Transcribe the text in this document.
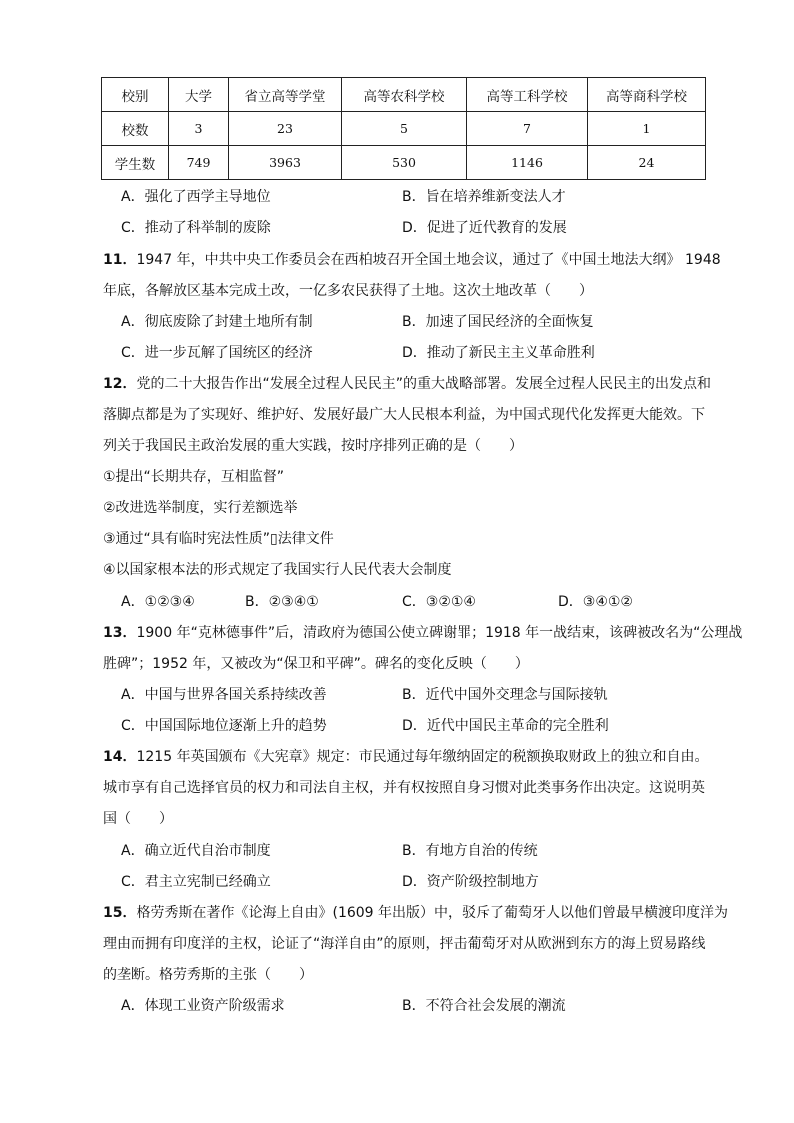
校别	大学	省立高等学堂	高等农科学校	高等工科学校	高等商科学校
校数	3	23	5	7	1
学生数	749	3963	530	1146	24
A．强化了西学主导地位	B．旨在培养维新变法人才
C．推动了科举制的废除	D．促进了近代教育的发展
11．1947 年，中共中央工作委员会在西柏坡召开全国土地会议，通过了《中国土地法大纲》 1948
年底，各解放区基本完成土改，一亿多农民获得了土地。这次土地改革（　　）
A．彻底废除了封建土地所有制	B．加速了国民经济的全面恢复
C．进一步瓦解了国统区的经济	D．推动了新民主主义革命胜利
12．党的二十大报告作出“发展全过程人民民主”的重大战略部署。发展全过程人民民主的出发点和
落脚点都是为了实现好、维护好、发展好最广大人民根本利益，为中国式现代化发挥更大能效。下
列关于我国民主政治发展的重大实践，按时序排列正确的是（　　）
①提出“长期共存，互相监督”
②改进选举制度，实行差额选举
③通过“具有临时宪法性质”▯法律文件
④以国家根本法的形式规定了我国实行人民代表大会制度
A．①②③④	B．②③④①	C．③②①④	D．③④①②
13．1900 年“克林德事件”后，清政府为德国公使立碑谢罪；1918 年一战结束，该碑被改名为“公理战
胜碑”；1952 年，又被改为“保卫和平碑”。碑名的变化反映（　　）
A．中国与世界各国关系持续改善	B．近代中国外交理念与国际接轨
C．中国国际地位逐渐上升的趋势	D．近代中国民主革命的完全胜利
14．1215 年英国颁布《大宪章》规定：市民通过每年缴纳固定的税额换取财政上的独立和自由。
城市享有自己选择官员的权力和司法自主权，并有权按照自身习惯对此类事务作出决定。这说明英
国（　　）
A．确立近代自治市制度	B．有地方自治的传统
C．君主立宪制已经确立	D．资产阶级控制地方
15．格劳秀斯在著作《论海上自由》(1609 年出版）中，驳斥了葡萄牙人以他们曾最早横渡印度洋为
理由而拥有印度洋的主权，论证了“海洋自由”的原则，抨击葡萄牙对从欧洲到东方的海上贸易路线
的垄断。格劳秀斯的主张（　　）
A．体现工业资产阶级需求	B．不符合社会发展的潮流
